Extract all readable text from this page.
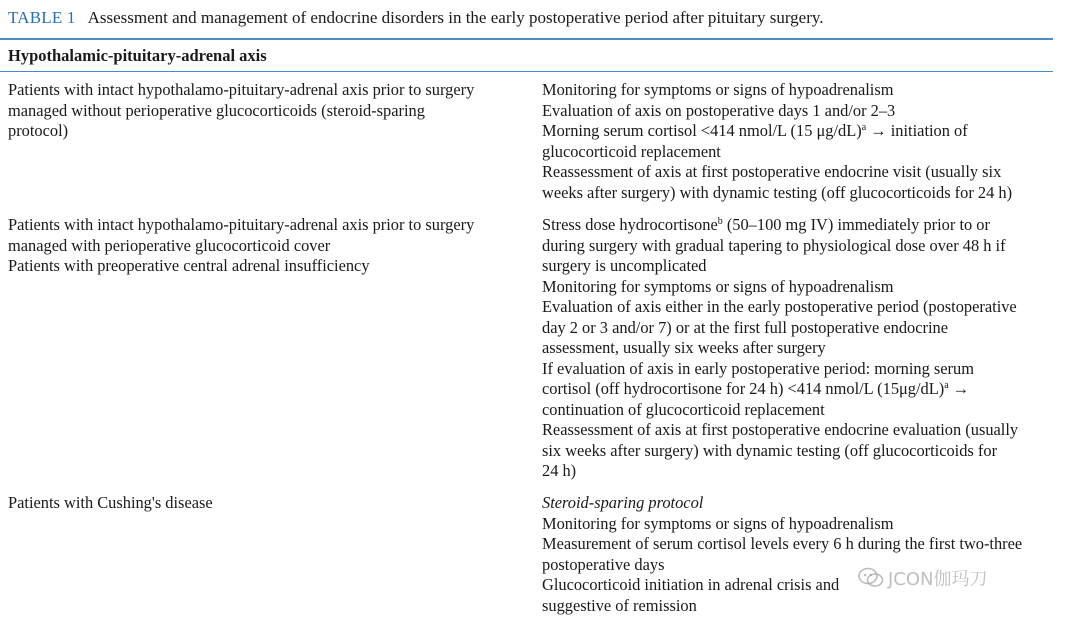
TABLE 1 Assessment and management of endocrine disorders in the early postoperative period after pituitary surgery.
Hypothalamic-pituitary-adrenal axis
Patients with intact hypothalamo-pituitary-adrenal axis prior to surgery
managed without perioperative glucocorticoids (steroid-sparing
protocol)
Monitoring for symptoms or signs of hypoadrenalism
Evaluation of axis on postoperative days 1 and/or 2–3
Morning serum cortisol <414 nmol/L (15 μg/dL)$^a$ → initiation of
glucocorticoid replacement
Reassessment of axis at first postoperative endocrine visit (usually six
weeks after surgery) with dynamic testing (off glucocorticoids for 24 h)
Patients with intact hypothalamo-pituitary-adrenal axis prior to surgery
managed with perioperative glucocorticoid cover
Patients with preoperative central adrenal insufficiency
Stress dose hydrocortisone$^b$ (50–100 mg IV) immediately prior to or
during surgery with gradual tapering to physiological dose over 48 h if
surgery is uncomplicated
Monitoring for symptoms or signs of hypoadrenalism
Evaluation of axis either in the early postoperative period (postoperative
day 2 or 3 and/or 7) or at the first full postoperative endocrine
assessment, usually six weeks after surgery
If evaluation of axis in early postoperative period: morning serum
cortisol (off hydrocortisone for 24 h) <414 nmol/L $(15\mu g/dL)^a$ →
continuation of glucocorticoid replacement
Reassessment of axis at first postoperative endocrine evaluation (usually
six weeks after surgery) with dynamic testing (off glucocorticoids for
24 h)
Patients with Cushing's disease	Steroid-sparing protocol
Monitoring for symptoms or signs of hypoadrenalism
Measurement of serum cortisol levels every 6 h during the first two-three
postoperative days
Glucocorticoid initiation in adrenal crisis and
suggestive of remission
JCON伽玛刀
